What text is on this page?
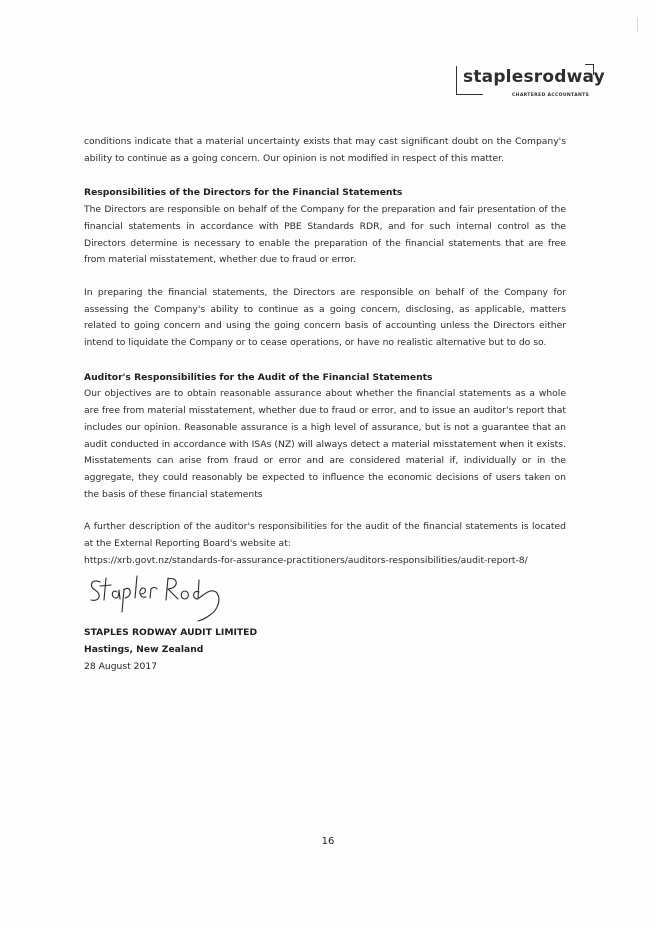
staplesrodway
CHARTERED ACCOUNTANTS

conditions indicate that a material uncertainty exists that may cast significant doubt on the Company's ability to continue as a going concern. Our opinion is not modified in respect of this matter.

Responsibilities of the Directors for the Financial Statements

The Directors are responsible on behalf of the Company for the preparation and fair presentation of the financial statements in accordance with PBE Standards RDR, and for such internal control as the Directors determine is necessary to enable the preparation of the financial statements that are free from material misstatement, whether due to fraud or error.

In preparing the financial statements, the Directors are responsible on behalf of the Company for assessing the Company's ability to continue as a going concern, disclosing, as applicable, matters related to going concern and using the going concern basis of accounting unless the Directors either intend to liquidate the Company or to cease operations, or have no realistic alternative but to do so.

Auditor's Responsibilities for the Audit of the Financial Statements

Our objectives are to obtain reasonable assurance about whether the financial statements as a whole are free from material misstatement, whether due to fraud or error, and to issue an auditor's report that includes our opinion. Reasonable assurance is a high level of assurance, but is not a guarantee that an audit conducted in accordance with ISAs (NZ) will always detect a material misstatement when it exists. Misstatements can arise from fraud or error and are considered material if, individually or in the aggregate, they could reasonably be expected to influence the economic decisions of users taken on the basis of these financial statements

A further description of the auditor's responsibilities for the audit of the financial statements is located at the External Reporting Board's website at:

https://xrb.govt.nz/standards-for-assurance-practitioners/auditors-responsibilities/audit-report-8/

STAPLES RODWAY AUDIT LIMITED
Hastings, New Zealand
28 August 2017
16
